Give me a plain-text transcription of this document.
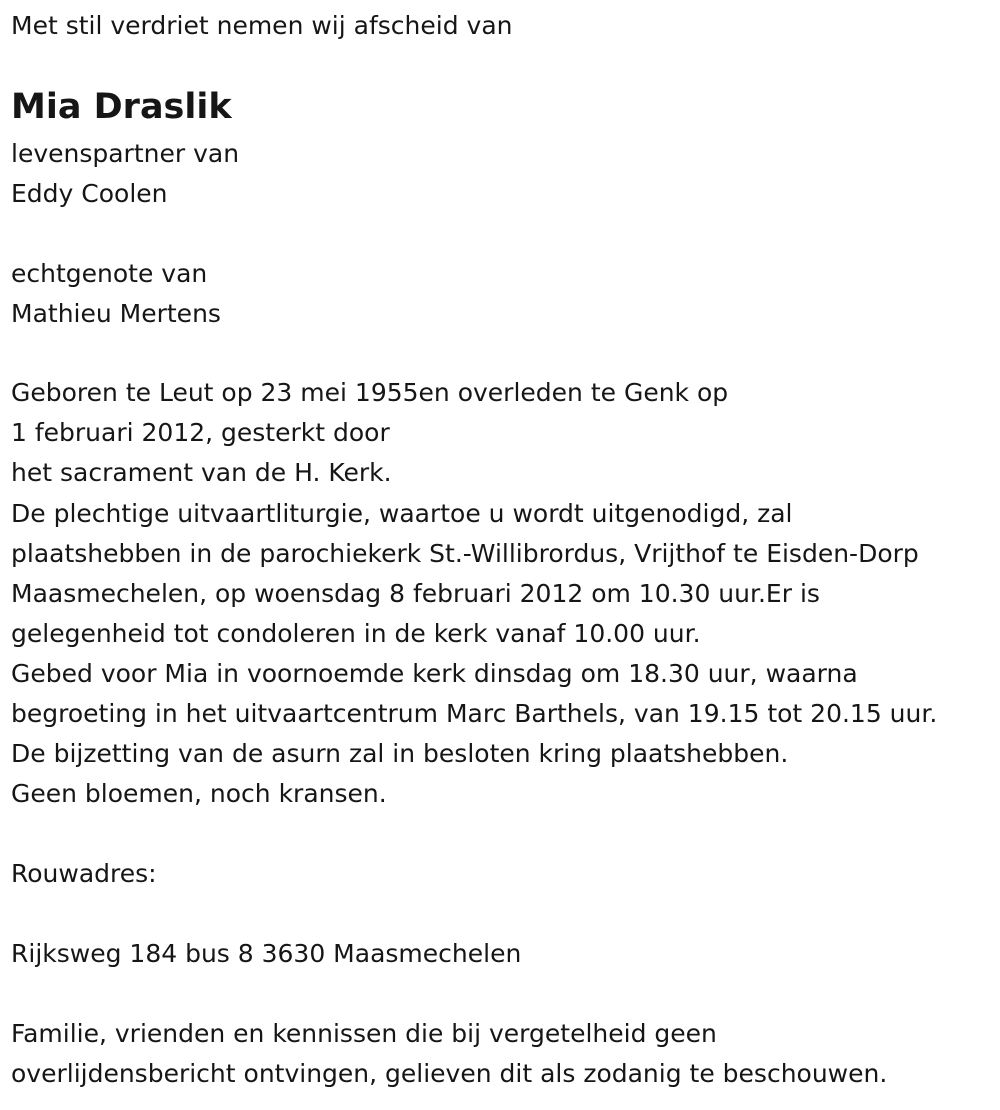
Met stil verdriet nemen wij afscheid van
Mia Draslik
levenspartner van
Eddy Coolen
echtgenote van
Mathieu Mertens
Geboren te Leut op 23 mei 1955en overleden te Genk op
1 februari 2012, gesterkt door
het sacrament van de H. Kerk.
De plechtige uitvaartliturgie, waartoe u wordt uitgenodigd, zal
plaatshebben in de parochiekerk St.-Willibrordus, Vrijthof te Eisden-Dorp
Maasmechelen, op woensdag 8 februari 2012 om 10.30 uur.Er is
gelegenheid tot condoleren in de kerk vanaf 10.00 uur.
Gebed voor Mia in voornoemde kerk dinsdag om 18.30 uur, waarna
begroeting in het uitvaartcentrum Marc Barthels, van 19.15 tot 20.15 uur.
De bijzetting van de asurn zal in besloten kring plaatshebben.
Geen bloemen, noch kransen.
Rouwadres:
Rijksweg 184 bus 8 3630 Maasmechelen
Familie, vrienden en kennissen die bij vergetelheid geen
overlijdensbericht ontvingen, gelieven dit als zodanig te beschouwen.
